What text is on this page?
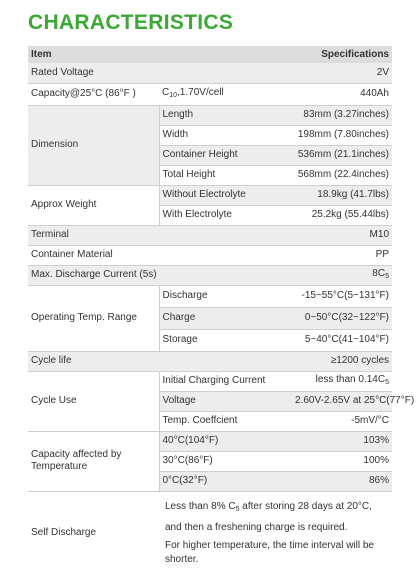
CHARACTERISTICS
Item		Specifications
Rated Voltage		2V
Capacity@25°C (86°F )	$C_{10},1.70V$/cell	440Ah
Dimension	Length	83mm (3.27inches)
	Width	198mm (7.80inches)
	Container Height	536mm (21.1inches)
	Total Height	568mm (22.4inches)
Approx Weight	Without Electrolyte	18.9kg (41.7lbs)
	With Electrolyte	25.2kg (55.44lbs)
Terminal		M10
Container Material		PP
Max. Discharge Current (5s)		$8C_5$
Operating Temp. Range	Discharge	-15~55°C(5~131°F)
	Charge	0~50°C(32~122°F)
	Storage	5~40°C(41~104°F)
Cycle life		≥1200 cycles
Cycle Use	Initial Charging Current	less than $0.14C_5$
	Voltage	2.60V-2.65V at 25°C(77°F)
	Temp. Coeffcient	-5mV/°C
Capacity affected by Temperature	40°C(104°F)	103%
	30°C(86°F)	100%
	0°C(32°F)	86%
Self Discharge	Less than 8% $C_5$ after storing 28 days at 20°C,
and then a freshening charge is required.
For higher temperature, the time interval will be shorter.	
